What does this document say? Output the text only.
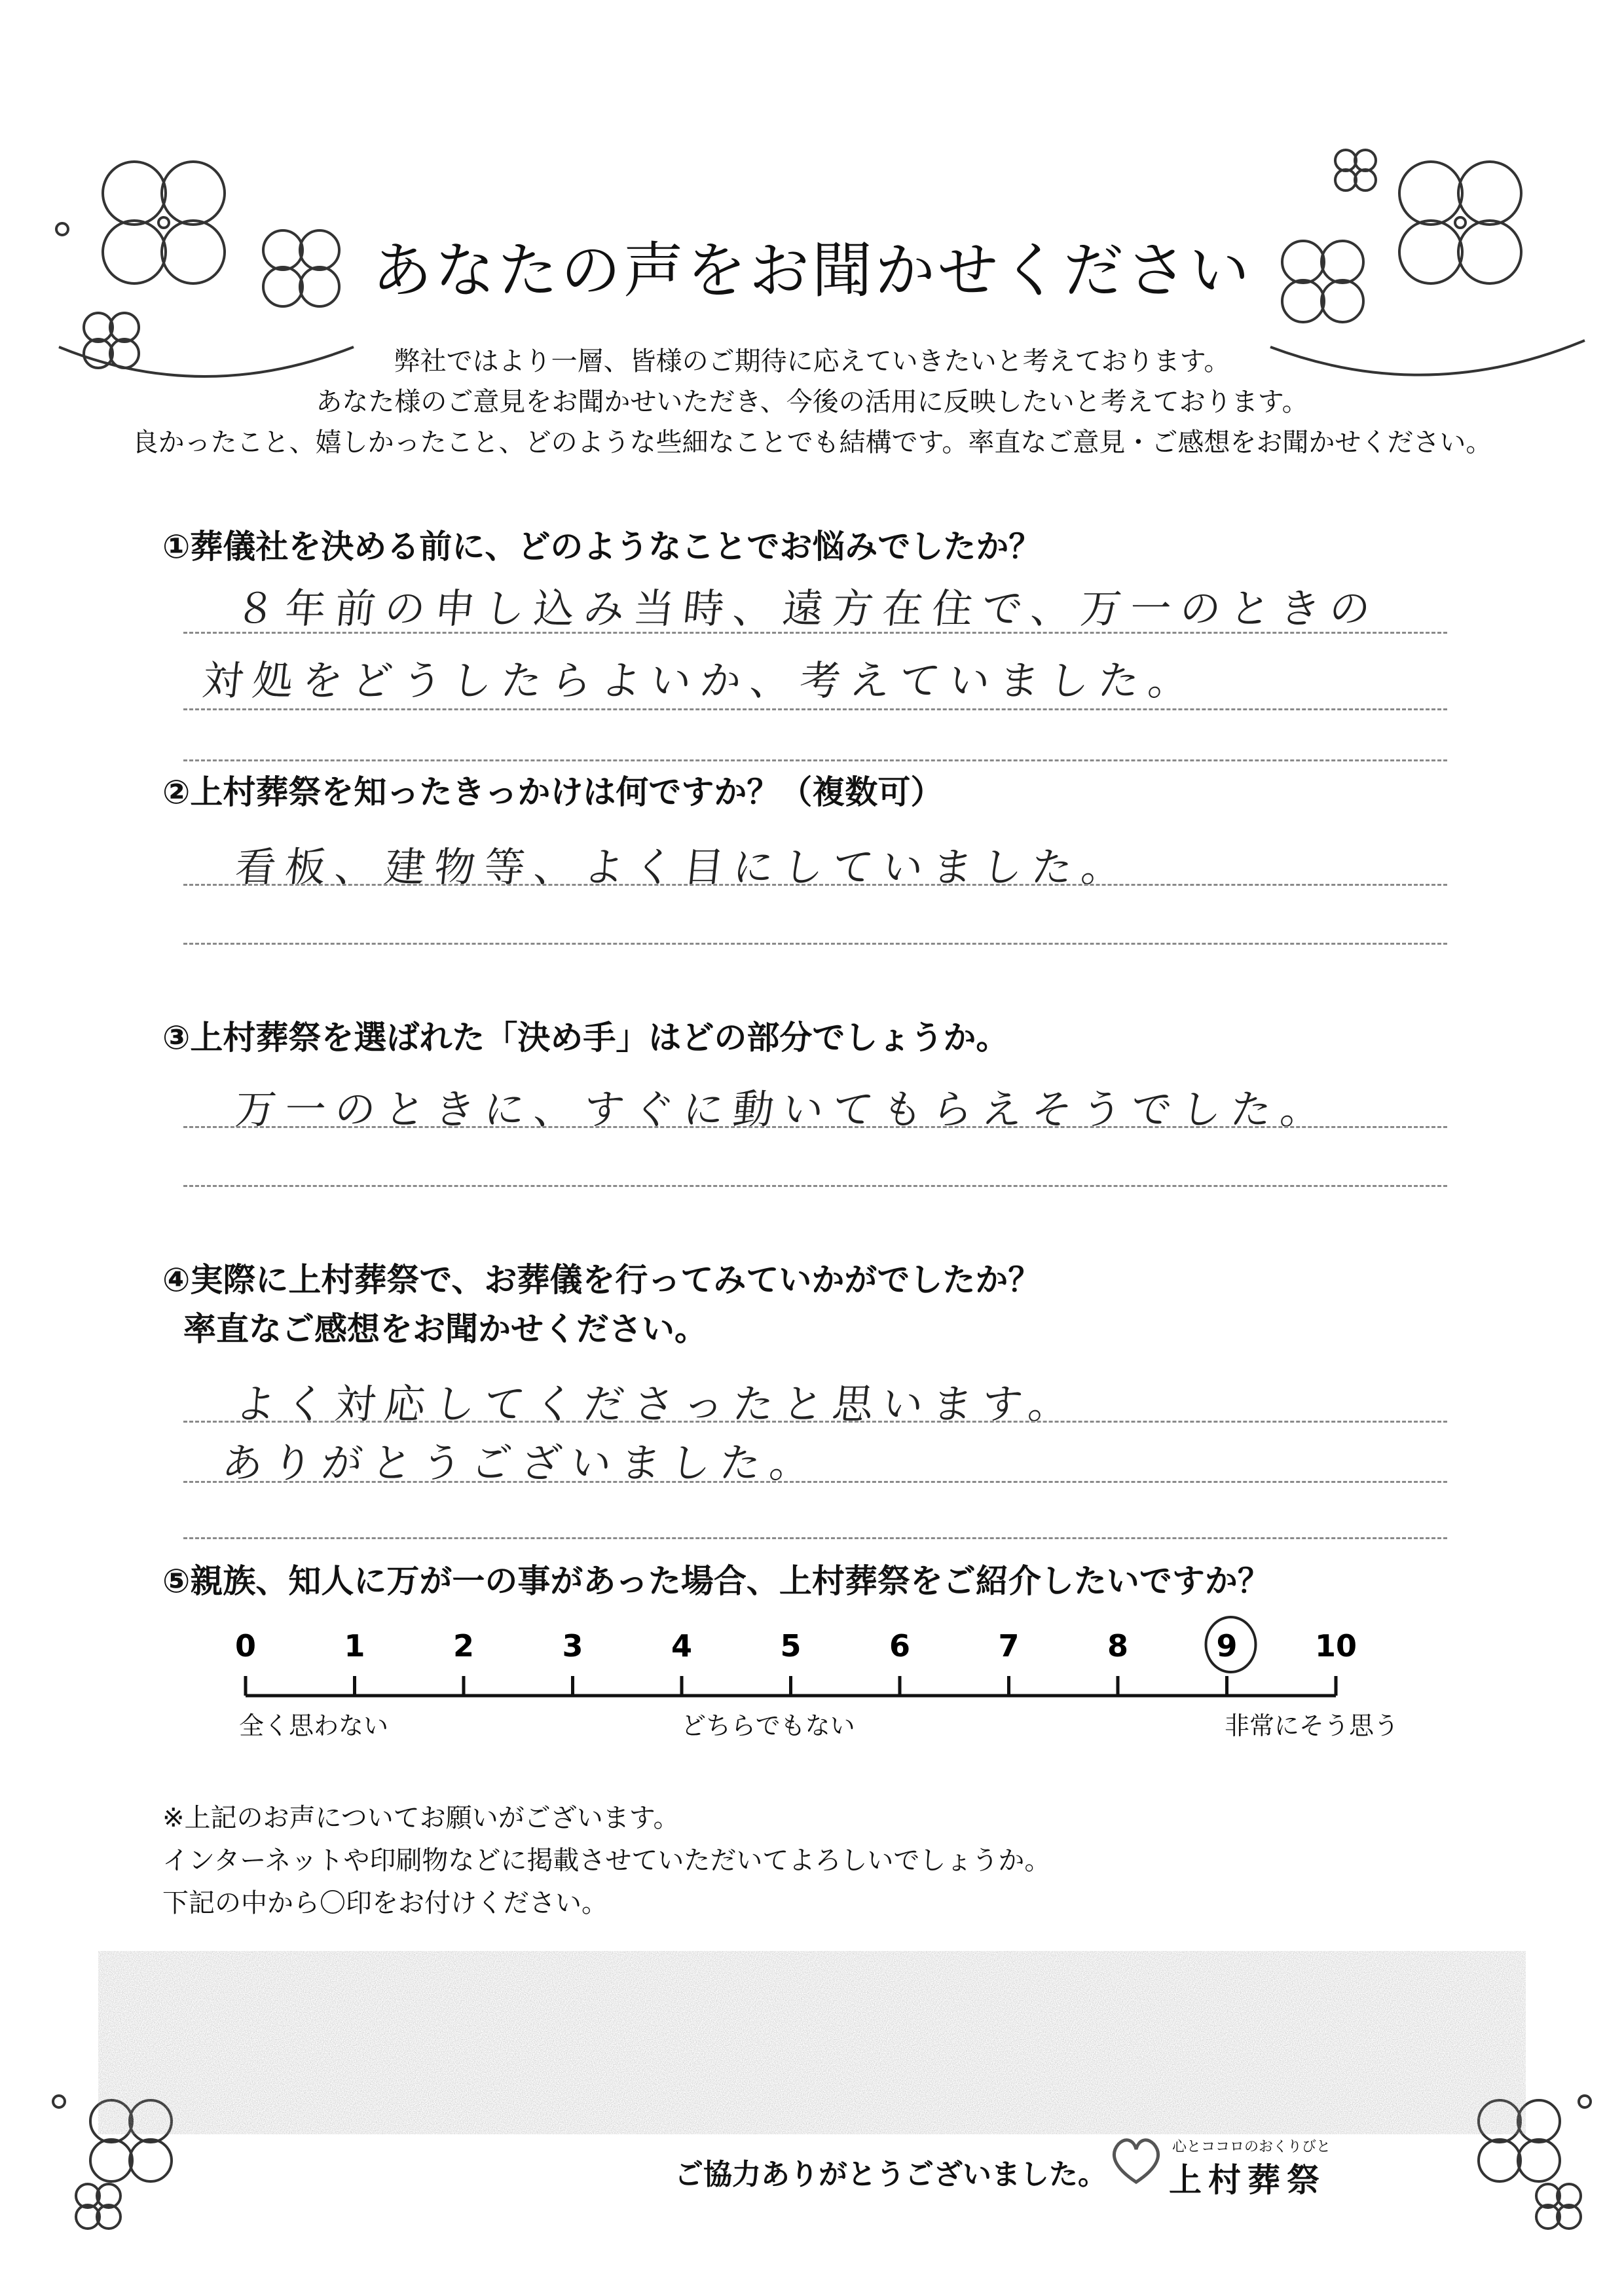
あなたの声をお聞かせください
弊社ではより一層、皆様のご期待に応えていきたいと考えております。
あなた様のご意見をお聞かせいただき、今後の活用に反映したいと考えております。
良かったこと、嬉しかったこと、どのような些細なことでも結構です。率直なご意見・ご感想をお聞かせください。
①葬儀社を決める前に、どのようなことでお悩みでしたか？
８年前の申し込み当時、遠方在住で、万一のときの
対処をどうしたらよいか、考えていました。
②上村葬祭を知ったきっかけは何ですか？（複数可）
看板、建物等、よく目にしていました。
③上村葬祭を選ばれた「決め手」はどの部分でしょうか。
万一のときに、すぐに動いてもらえそうでした。
④実際に上村葬祭で、お葬儀を行ってみていかがでしたか？
率直なご感想をお聞かせください。
よく対応してくださったと思います。
ありがとうございました。
⑤親族、知人に万が一の事があった場合、上村葬祭をご紹介したいですか？
0	1	2	3	4	5	6	7	8	9	10
全く思わない	どちらでもない	非常にそう思う
※上記のお声についてお願いがございます。
インターネットや印刷物などに掲載させていただいてよろしいでしょうか。
下記の中から〇印をお付けください。
ご協力ありがとうございました。
心とココロのおくりびと
上村葬祭
